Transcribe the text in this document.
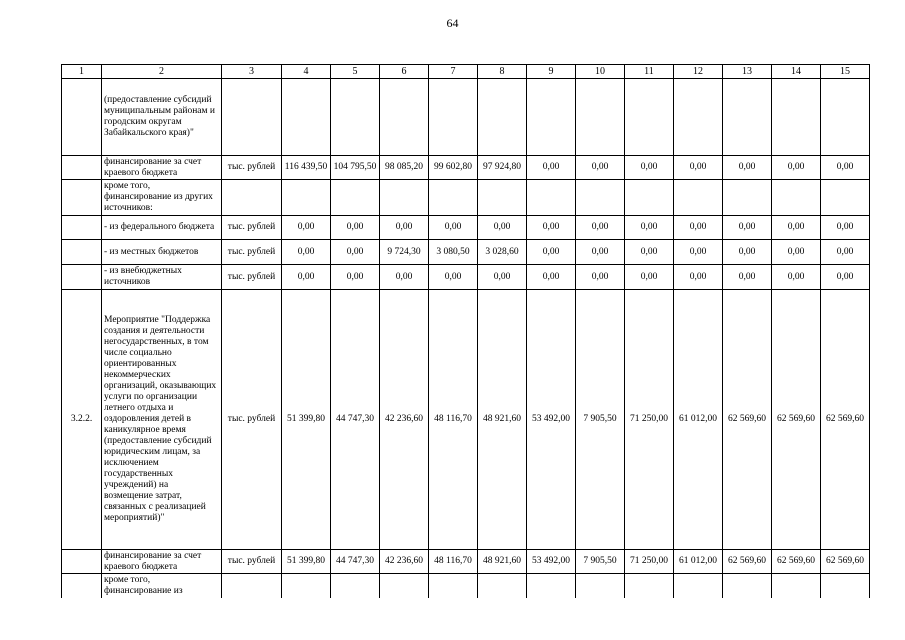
64
1	2	3	4	5	6	7	8	9	10	11	12	13	14	15
	(предоставление субсидий муниципальным районам и городским округам Забайкальского края)"													
	финансирование за счет краевого бюджета	тыс. рублей	116 439,50	104 795,50	98 085,20	99 602,80	97 924,80	0,00	0,00	0,00	0,00	0,00	0,00	0,00
	кроме того, финансирование из других источников:													
	- из федерального бюджета	тыс. рублей	0,00	0,00	0,00	0,00	0,00	0,00	0,00	0,00	0,00	0,00	0,00	0,00
	- из местных бюджетов	тыс. рублей	0,00	0,00	9 724,30	3 080,50	3 028,60	0,00	0,00	0,00	0,00	0,00	0,00	0,00
	- из внебюджетных источников	тыс. рублей	0,00	0,00	0,00	0,00	0,00	0,00	0,00	0,00	0,00	0,00	0,00	0,00
3.2.2.	Мероприятие "Поддержка создания и деятельности негосударственных, в том числе социально ориентированных некоммерческих организаций, оказывающих услуги по организации летнего отдыха и оздоровления детей в каникулярное время (предоставление субсидий юридическим лицам, за исключением государственных учреждений) на возмещение затрат, связанных с реализацией мероприятий)"	тыс. рублей	51 399,80	44 747,30	42 236,60	48 116,70	48 921,60	53 492,00	7 905,50	71 250,00	61 012,00	62 569,60	62 569,60	62 569,60
	финансирование за счет краевого бюджета	тыс. рублей	51 399,80	44 747,30	42 236,60	48 116,70	48 921,60	53 492,00	7 905,50	71 250,00	61 012,00	62 569,60	62 569,60	62 569,60
	кроме того, финансирование из													
